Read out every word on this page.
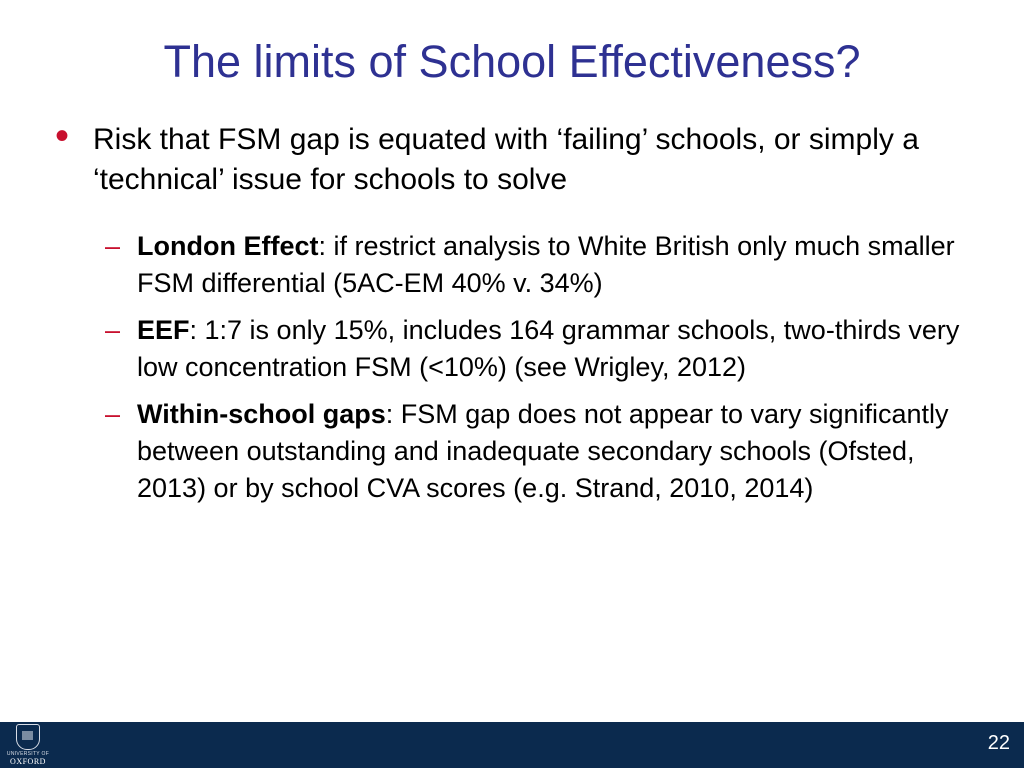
The limits of School Effectiveness?
• Risk that FSM gap is equated with ‘failing’ schools, or simply a ‘technical’ issue for schools to solve
– London Effect: if restrict analysis to White British only much smaller FSM differential (5AC-EM 40% v. 34%)
– EEF: 1:7 is only 15%, includes 164 grammar schools, two-thirds very low concentration FSM (<10%) (see Wrigley, 2012)
– Within-school gaps: FSM gap does not appear to vary significantly between outstanding and inadequate secondary schools (Ofsted, 2013) or by school CVA scores (e.g. Strand, 2010, 2014)
UNIVERSITY OF
OXFORD
22
